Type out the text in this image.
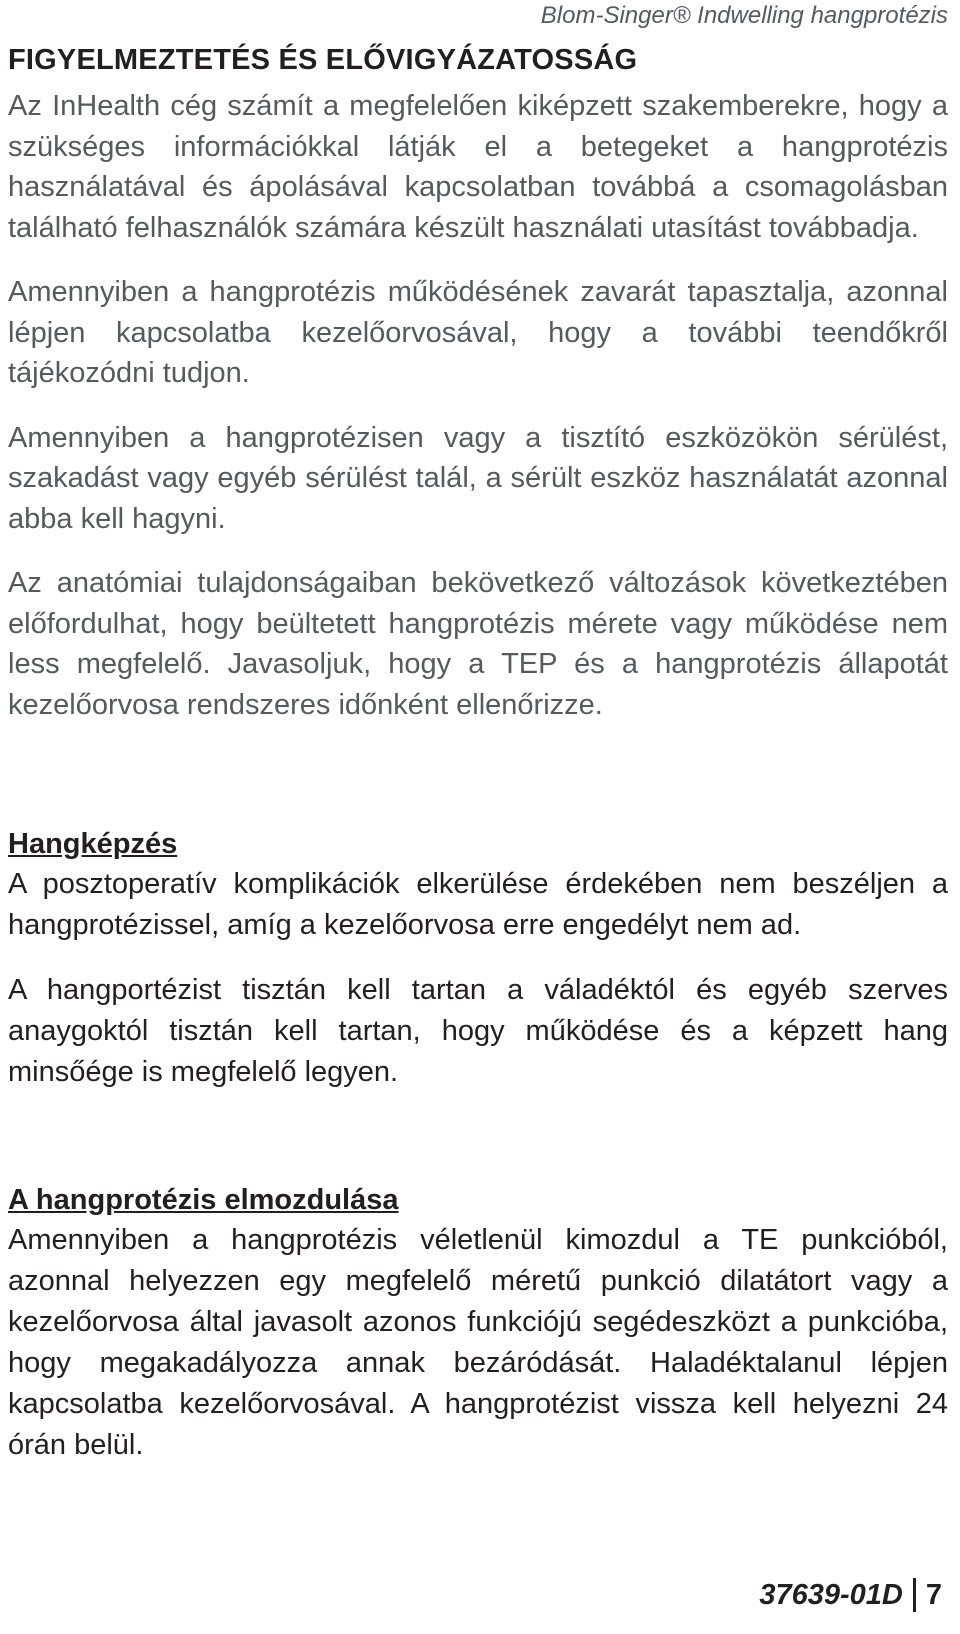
Blom-Singer® Indwelling hangprotézis
FIGYELMEZTETÉS ÉS ELŐVIGYÁZATOSSÁG

Az InHealth cég számít a megfelelően kiképzett szakemberekre, hogy a szükséges információkkal látják el a betegeket a hangprotézis használatával és ápolásával kapcsolatban továbbá a csomagolásban található felhasználók számára készült használati utasítást továbbadja.

Amennyiben a hangprotézis működésének zavarát tapasztalja, azonnal lépjen kapcsolatba kezelőorvosával, hogy a további teendőkről tájékozódni tudjon.

Amennyiben a hangprotézisen vagy a tisztító eszközökön sérülést, szakadást vagy egyéb sérülést talál, a sérült eszköz használatát azonnal abba kell hagyni.

Az anatómiai tulajdonságaiban bekövetkező változások következtében előfordulhat, hogy beültetett hangprotézis mérete vagy működése nem less megfelelő. Javasoljuk, hogy a TEP és a hangprotézis állapotát kezelőorvosa rendszeres időnként ellenőrizze.

Hangképzés

A posztoperatív komplikációk elkerülése érdekében nem beszéljen a hangprotézissel, amíg a kezelőorvosa erre engedélyt nem ad.

A hangportézist tisztán kell tartan a váladéktól és egyéb szerves anaygoktól tisztán kell tartan, hogy működése és a képzett hang minsőége is megfelelő legyen.

A hangprotézis elmozdulása

Amennyiben a hangprotézis véletlenül kimozdul a TE punkcióból, azonnal helyezzen egy megfelelő méretű punkció dilatátort vagy a kezelőorvosa által javasolt azonos funkciójú segédeszközt a punkcióba, hogy megakadályozza annak bezáródását. Haladéktalanul lépjen kapcsolatba kezelőorvosával. A hangprotézist vissza kell helyezni 24 órán belül.

37639-01D 7
